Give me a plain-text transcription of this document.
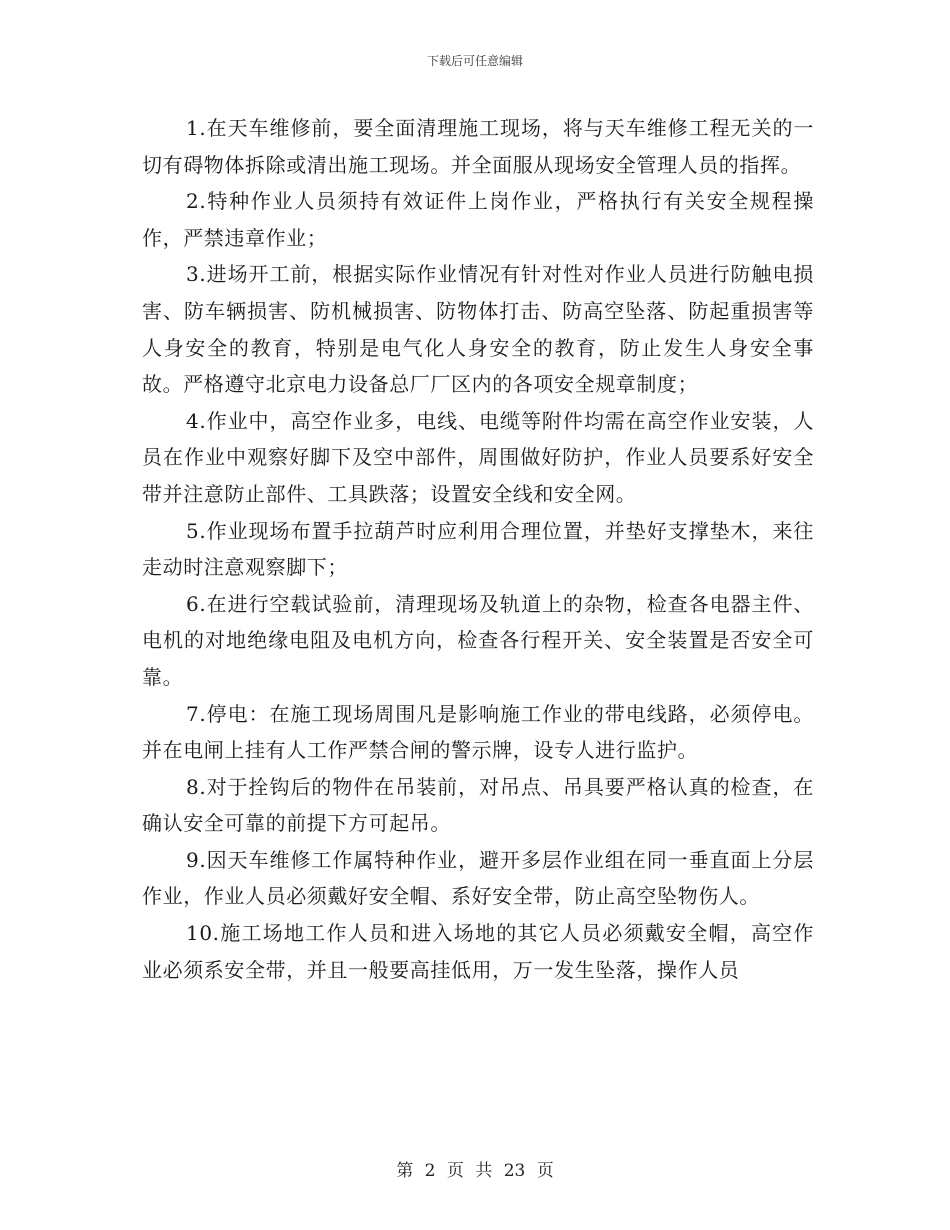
下载后可任意编辑

1.在天车维修前，要全面清理施工现场，将与天车维修工程无关的一切有碍物体拆除或清出施工现场。并全面服从现场安全管理人员的指挥。

2.特种作业人员须持有效证件上岗作业，严格执行有关安全规程操作，严禁违章作业；

3.进场开工前，根据实际作业情况有针对性对作业人员进行防触电损害、防车辆损害、防机械损害、防物体打击、防高空坠落、防起重损害等人身安全的教育，特别是电气化人身安全的教育，防止发生人身安全事故。严格遵守北京电力设备总厂厂区内的各项安全规章制度；

4.作业中，高空作业多，电线、电缆等附件均需在高空作业安装，人员在作业中观察好脚下及空中部件，周围做好防护，作业人员要系好安全带并注意防止部件、工具跌落；设置安全线和安全网。

5.作业现场布置手拉葫芦时应利用合理位置，并垫好支撑垫木，来往走动时注意观察脚下；

6.在进行空载试验前，清理现场及轨道上的杂物，检查各电器主件、电机的对地绝缘电阻及电机方向，检查各行程开关、安全装置是否安全可靠。

7.停电：在施工现场周围凡是影响施工作业的带电线路，必须停电。并在电闸上挂有人工作严禁合闸的警示牌，设专人进行监护。

8.对于拴钩后的物件在吊装前，对吊点、吊具要严格认真的检查，在确认安全可靠的前提下方可起吊。

9.因天车维修工作属特种作业，避开多层作业组在同一垂直面上分层作业，作业人员必须戴好安全帽、系好安全带，防止高空坠物伤人。

10.施工场地工作人员和进入场地的其它人员必须戴安全帽，高空作业必须系安全带，并且一般要高挂低用，万一发生坠落，操作人员

第 2 页 共 23 页
